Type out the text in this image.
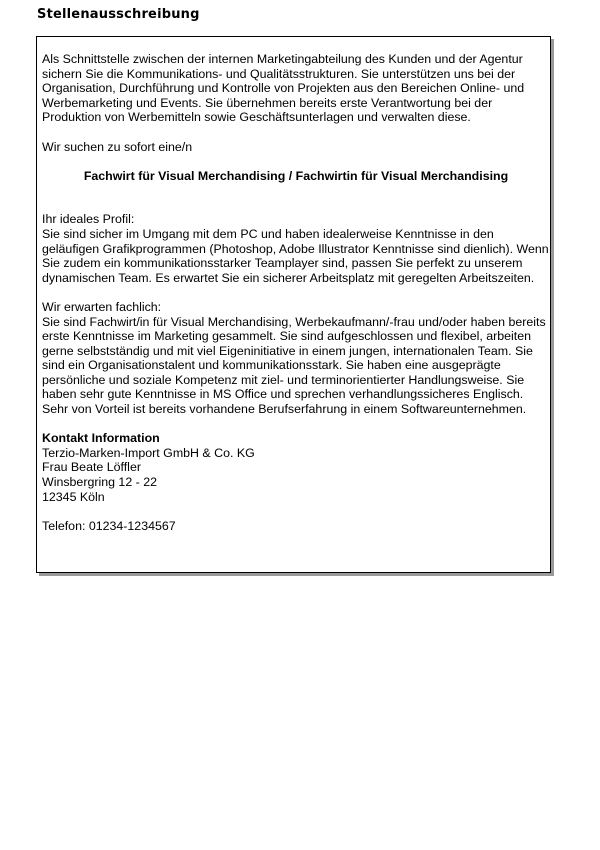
Stellenausschreibung

Als Schnittstelle zwischen der internen Marketingabteilung des Kunden und der Agentur sichern Sie die Kommunikations- und Qualitätsstrukturen. Sie unterstützen uns bei der Organisation, Durchführung und Kontrolle von Projekten aus den Bereichen Online- und Werbemarketing und Events. Sie übernehmen bereits erste Verantwortung bei der Produktion von Werbemitteln sowie Geschäftsunterlagen und verwalten diese.

Wir suchen zu sofort eine/n

Fachwirt für Visual Merchandising / Fachwirtin für Visual Merchandising

Ihr ideales Profil:

Sie sind sicher im Umgang mit dem PC und haben idealerweise Kenntnisse in den geläufigen Grafikprogrammen (Photoshop, Adobe Illustrator Kenntnisse sind dienlich). Wenn Sie zudem ein kommunikationsstarker Teamplayer sind, passen Sie perfekt zu unserem dynamischen Team. Es erwartet Sie ein sicherer Arbeitsplatz mit geregelten Arbeitszeiten.

Wir erwarten fachlich:

Sie sind Fachwirt/in für Visual Merchandising, Werbekaufmann/-frau und/oder haben bereits erste Kenntnisse im Marketing gesammelt. Sie sind aufgeschlossen und flexibel, arbeiten gerne selbstständig und mit viel Eigeninitiative in einem jungen, internationalen Team. Sie sind ein Organisationstalent und kommunikationsstark. Sie haben eine ausgeprägte persönliche und soziale Kompetenz mit ziel- und terminorientierter Handlungsweise. Sie haben sehr gute Kenntnisse in MS Office und sprechen verhandlungssicheres Englisch. Sehr von Vorteil ist bereits vorhandene Berufserfahrung in einem Softwareunternehmen.

Kontakt Information

Terzio-Marken-Import GmbH & Co. KG

Frau Beate Löffler

Winsbergring 12 - 22

12345 Köln

Telefon: 01234-1234567
